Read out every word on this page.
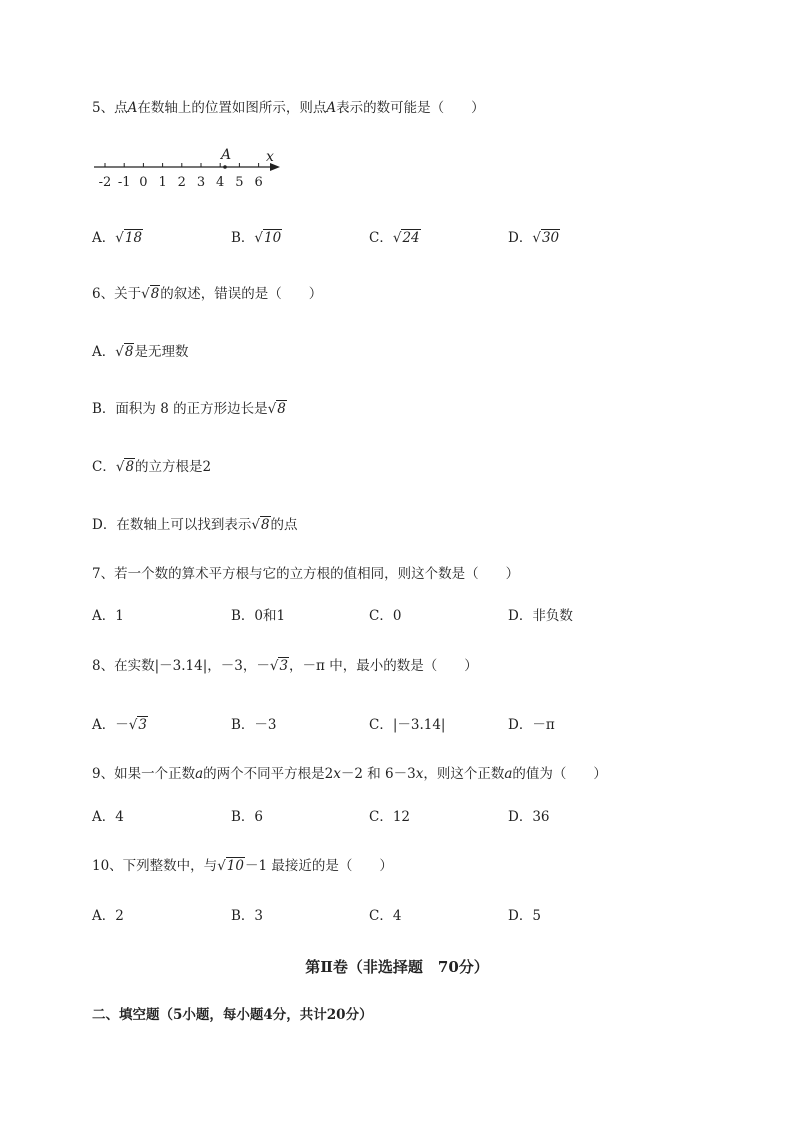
5、点A在数轴上的位置如图所示，则点A表示的数可能是（　　）
-2 -1 0 1 2 3 4 5 6
A x
A．√18	B．√10	C．√24	D．√30
6、关于√8的叙述，错误的是（　　）
A．√8是无理数
B．面积为 8 的正方形边长是√8
C．√8的立方根是2
D．在数轴上可以找到表示√8的点
7、若一个数的算术平方根与它的立方根的值相同，则这个数是（　　）
A．1	B．0和1	C．0	D．非负数
8、在实数|－3.14|，－3，－√3，－π 中，最小的数是（　　）
A．－√3	B．－3	C．|－3.14|	D．－π
9、如果一个正数a的两个不同平方根是2x－2 和 6－3x，则这个正数a的值为（　　）
A．4	B．6	C．12	D．36
10、下列整数中，与√10－1 最接近的是（　　）
A．2	B．3	C．4	D．5
第Ⅱ卷（非选择题　70分）
二、填空题（5小题，每小题4分，共计20分）
